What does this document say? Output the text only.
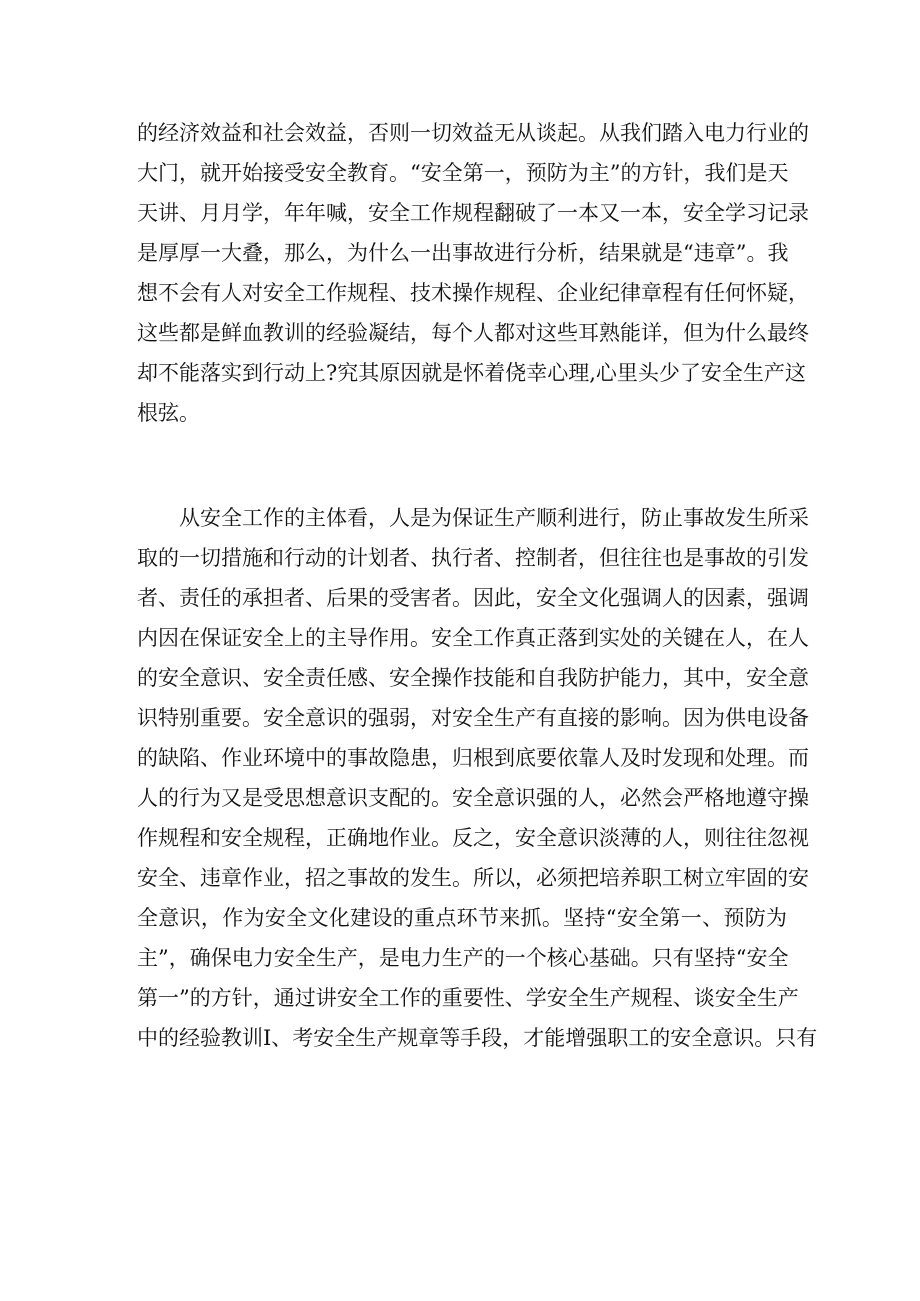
的经济效益和社会效益，否则一切效益无从谈起。从我们踏入电力行业的
大门，就开始接受安全教育。“安全第一，预防为主”的方针，我们是天
天讲、月月学，年年喊，安全工作规程翻破了一本又一本，安全学习记录
是厚厚一大叠，那么，为什么一出事故进行分析，结果就是“违章”。我
想不会有人对安全工作规程、技术操作规程、企业纪律章程有任何怀疑，
这些都是鲜血教训的经验凝结，每个人都对这些耳熟能详，但为什么最终
却不能落实到行动上?究其原因就是怀着侥幸心理,心里头少了安全生产这
根弦。
从安全工作的主体看，人是为保证生产顺利进行，防止事故发生所采
取的一切措施和行动的计划者、执行者、控制者，但往往也是事故的引发
者、责任的承担者、后果的受害者。因此，安全文化强调人的因素，强调
内因在保证安全上的主导作用。安全工作真正落到实处的关键在人，在人
的安全意识、安全责任感、安全操作技能和自我防护能力，其中，安全意
识特别重要。安全意识的强弱，对安全生产有直接的影响。因为供电设备
的缺陷、作业环境中的事故隐患，归根到底要依靠人及时发现和处理。而
人的行为又是受思想意识支配的。安全意识强的人，必然会严格地遵守操
作规程和安全规程，正确地作业。反之，安全意识淡薄的人，则往往忽视
安全、违章作业，招之事故的发生。所以，必须把培养职工树立牢固的安
全意识，作为安全文化建设的重点环节来抓。坚持“安全第一、预防为
主”，确保电力安全生产，是电力生产的一个核心基础。只有坚持“安全
第一”的方针，通过讲安全工作的重要性、学安全生产规程、谈安全生产
中的经验教训I、考安全生产规章等手段，才能增强职工的安全意识。只有
